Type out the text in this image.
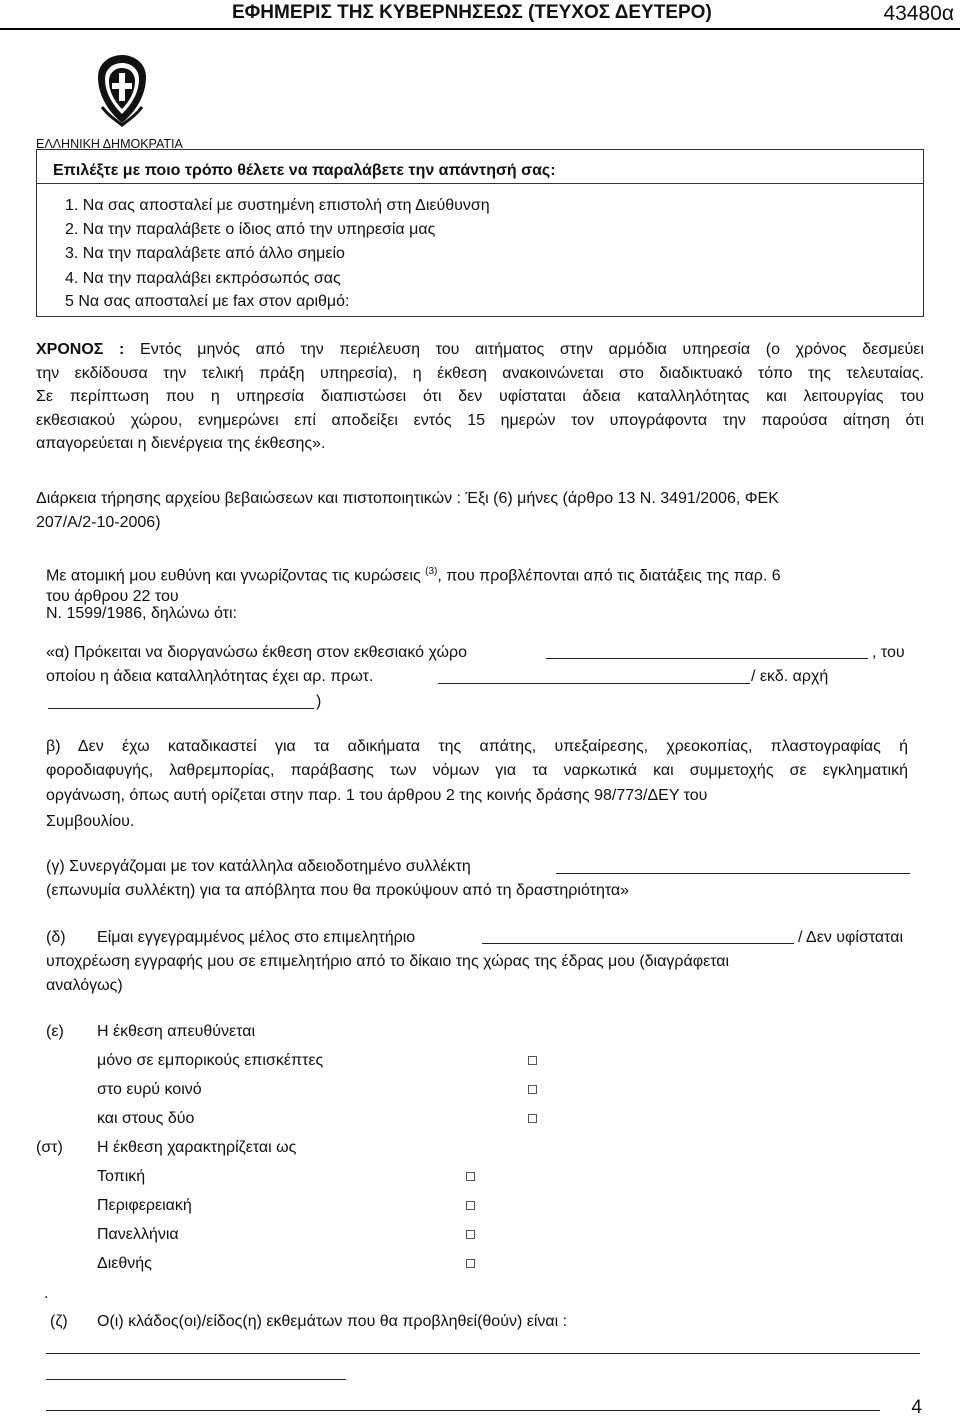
ΕΦΗΜΕΡΙΣ ΤΗΣ ΚΥΒΕΡΝΗΣΕΩΣ (ΤΕΥΧΟΣ ΔΕΥΤΕΡΟ)	43480α
ΕΛΛΗΝΙΚΗ ΔΗΜΟΚΡΑΤΙΑ
Επιλέξτε με ποιο τρόπο θέλετε να παραλάβετε την απάντησή σας:
1. Να σας αποσταλεί με συστημένη επιστολή στη Διεύθυνση
2. Να την παραλάβετε ο ίδιος από την υπηρεσία μας
3. Να την παραλάβετε από άλλο σημείο
4. Να την παραλάβει εκπρόσωπός σας
5 Να σας αποσταλεί με fax στον αριθμό:
ΧΡΟΝΟΣ : Εντός μηνός από την περιέλευση του αιτήματος στην αρμόδια υπηρεσία (ο χρόνος δεσμεύει
την εκδίδουσα την τελική πράξη υπηρεσία), η έκθεση ανακοινώνεται στο διαδικτυακό τόπο της τελευταίας.
Σε περίπτωση που η υπηρεσία διαπιστώσει ότι δεν υφίσταται άδεια καταλληλότητας και λειτουργίας του
εκθεσιακού χώρου, ενημερώνει επί αποδείξει εντός 15 ημερών τον υπογράφοντα την παρούσα αίτηση ότι
απαγορεύεται η διενέργεια της έκθεσης».
Διάρκεια τήρησης αρχείου βεβαιώσεων και πιστοποιητικών : Έξι (6) μήνες (άρθρο 13 Ν. 3491/2006, ΦΕΚ
207/Α/2-10-2006)
Με ατομική μου ευθύνη και γνωρίζοντας τις κυρώσεις $^{(3)}$, που προβλέπονται από τις διατάξεις της παρ. 6
του άρθρου 22 του
Ν. 1599/1986, δηλώνω ότι:
«α) Πρόκειται να διοργανώσω έκθεση στον εκθεσιακό χώρο	, του
οποίου η άδεια καταλληλότητας έχει αρ. πρωτ.	/ εκδ. αρχή
)
β) Δεν έχω καταδικαστεί για τα αδικήματα της απάτης, υπεξαίρεσης, χρεοκοπίας, πλαστογραφίας ή
φοροδιαφυγής, λαθρεμπορίας, παράβασης των νόμων για τα ναρκωτικά και συμμετοχής σε εγκληματική
οργάνωση, όπως αυτή ορίζεται στην παρ. 1 του άρθρου 2 της κοινής δράσης 98/773/ΔΕΥ του
Συμβουλίου.
(γ) Συνεργάζομαι με τον κατάλληλα αδειοδοτημένο συλλέκτη
(επωνυμία συλλέκτη) για τα απόβλητα που θα προκύψουν από τη δραστηριότητα»
(δ) Είμαι εγγεγραμμένος μέλος στο επιμελητήριο	/ Δεν υφίσταται
υποχρέωση εγγραφής μου σε επιμελητήριο από το δίκαιο της χώρας της έδρας μου (διαγράφεται
αναλόγως)
(ε) Η έκθεση απευθύνεται
μόνο σε εμπορικούς επισκέπτες
στο ευρύ κοινό
και στους δύο
(στ) Η έκθεση χαρακτηρίζεται ως
Τοπική
Περιφερειακή
Πανελλήνια
Διεθνής
.
(ζ) Ο(ι) κλάδος(οι)/είδος(η) εκθεμάτων που θα προβληθεί(θούν) είναι :
4
